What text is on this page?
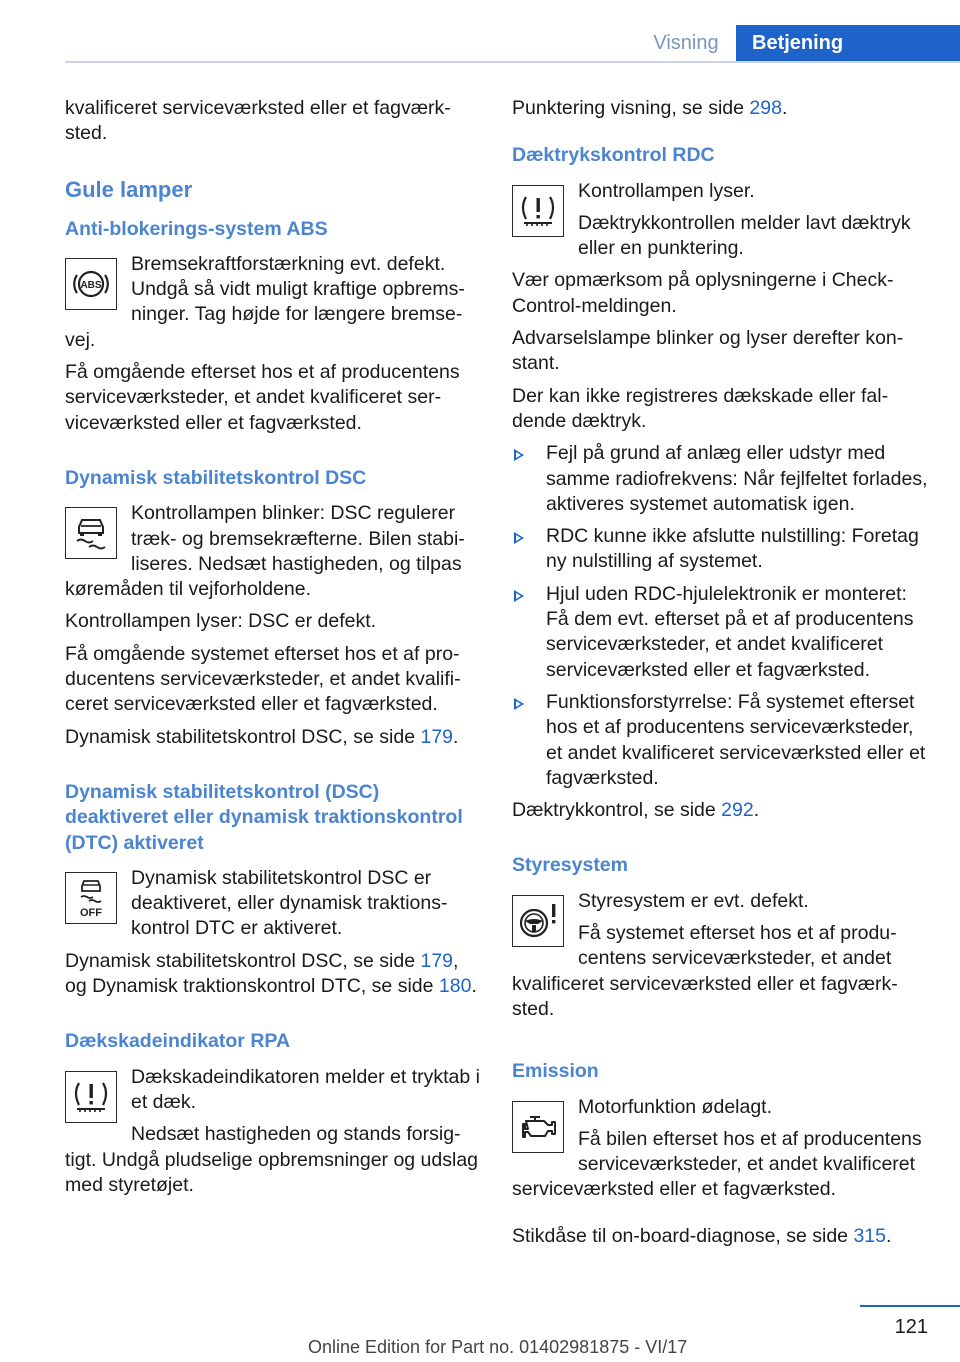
Visning	Betjening

kvalificeret serviceværksted eller et fagværksted.

Gule lamper
Anti-blokerings-system ABS
ABS

Bremsekraftforstærkning evt. defekt. Undgå så vidt muligt kraftige opbremsninger. Tag højde for længere bremsevej.

Få omgående efterset hos et af producentens serviceværksteder, et andet kvalificeret serviceværksted eller et fagværksted.

Dynamisk stabilitetskontrol DSC

Kontrollampen blinker: DSC regulerer træk- og bremsekræfterne. Bilen stabiliseres. Nedsæt hastigheden, og tilpas køremåden til vejforholdene.

Kontrollampen lyser: DSC er defekt.

Få omgående systemet efterset hos et af producentens serviceværksteder, et andet kvalificeret serviceværksted eller et fagværksted.

Dynamisk stabilitetskontrol DSC, se side 179.

Dynamisk stabilitetskontrol (DSC) deaktiveret eller dynamisk traktionskontrol (DTC) aktiveret
OFF

Dynamisk stabilitetskontrol DSC er deaktiveret, eller dynamisk traktionskontrol DTC er aktiveret.

Dynamisk stabilitetskontrol DSC, se side 179, og Dynamisk traktionskontrol DTC, se side 180.

Dækskadeindikator RPA

Dækskadeindikatoren melder et tryktab i et dæk.

Nedsæt hastigheden og stands forsigtigt. Undgå pludselige opbremsninger og udslag med styretøjet.

Punktering visning, se side 298.

Dæktrykskontrol RDC

Kontrollampen lyser.

Dæktrykkontrollen melder lavt dæktryk eller en punktering.

Vær opmærksom på oplysningerne i Check-Control-meldingen.

Advarselslampe blinker og lyser derefter konstant.

Der kan ikke registreres dækskade eller faldende dæktryk.

Fejl på grund af anlæg eller udstyr med samme radiofrekvens: Når fejlfeltet forlades, aktiveres systemet automatisk igen.
RDC kunne ikke afslutte nulstilling: Foretag ny nulstilling af systemet.
Hjul uden RDC-hjulelektronik er monteret: Få dem evt. efterset på et af producentens serviceværksteder, et andet kvalificeret serviceværksted eller et fagværksted.
Funktionsforstyrrelse: Få systemet efterset hos et af producentens serviceværksteder, et andet kvalificeret serviceværksted eller et fagværksted.

Dæktrykkontrol, se side 292.

Styresystem

Styresystem er evt. defekt.

Få systemet efterset hos et af producentens serviceværksteder, et andet kvalificeret serviceværksted eller et fagværksted.

Emission

Motorfunktion ødelagt.

Få bilen efterset hos et af producentens serviceværksteder, et andet kvalificeret serviceværksted eller et fagværksted.

Stikdåse til on-board-diagnose, se side 315.

121
Online Edition for Part no. 01402981875 - VI/17
